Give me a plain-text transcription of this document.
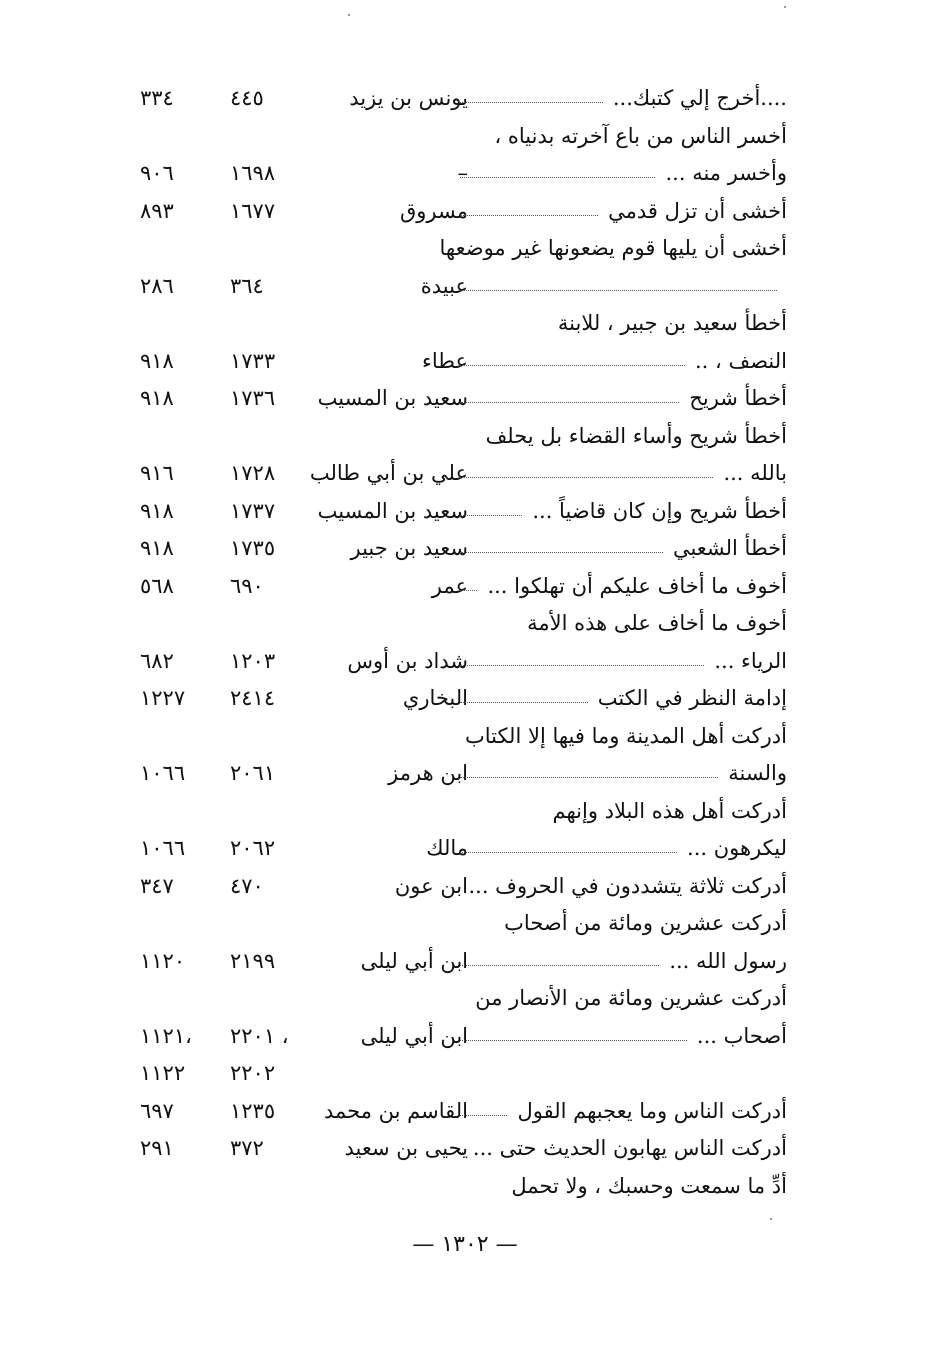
....أخرج إلي كتبك...
يونس بن يزيد
٤٤٥
٣٣٤
أخسر الناس من باع آخرته بدنياه ،
وأخسر منه ...
–
١٦٩٨
٩٠٦
أخشى أن تزل قدمي
مسروق
١٦٧٧
٨٩٣
أخشى أن يليها قوم يضعونها غير موضعها
عبيدة
٣٦٤
٢٨٦
أخطأ سعيد بن جبير ، للابنة
النصف ، ..
عطاء
١٧٣٣
٩١٨
أخطأ شريح
سعيد بن المسيب
١٧٣٦
٩١٨
أخطأ شريح وأساء القضاء بل يحلف
بالله ...
علي بن أبي طالب
١٧٢٨
٩١٦
أخطأ شريح وإن كان قاضياً ...
سعيد بن المسيب
١٧٣٧
٩١٨
أخطأ الشعبي
سعيد بن جبير
١٧٣٥
٩١٨
أخوف ما أخاف عليكم أن تهلكوا ...
عمر
٦٩٠
٥٦٨
أخوف ما أخاف على هذه الأمة
الرياء ...
شداد بن أوس
١٢٠٣
٦٨٢
إدامة النظر في الكتب
البخاري
٢٤١٤
١٢٢٧
أدركت أهل المدينة وما فيها إلا الكتاب
والسنة
ابن هرمز
٢٠٦١
١٠٦٦
أدركت أهل هذه البلاد وإنهم
ليكرهون ...
مالك
٢٠٦٢
١٠٦٦
أدركت ثلاثة يتشددون في الحروف ...
ابن عون
٤٧٠
٣٤٧
أدركت عشرين ومائة من أصحاب
رسول الله ...
ابن أبي ليلى
٢١٩٩
١١٢٠
أدركت عشرين ومائة من الأنصار من
أصحاب ...
ابن أبي ليلى
٢٢٠١ ،
١١٢١،
٢٢٠٢
١١٢٢
أدركت الناس وما يعجبهم القول
القاسم بن محمد
١٢٣٥
٦٩٧
أدركت الناس يهابون الحديث حتى ...
يحيى بن سعيد
٣٧٢
٢٩١
أدِّ ما سمعت وحسبك ، ولا تحمل
— ١٣٠٢ —
